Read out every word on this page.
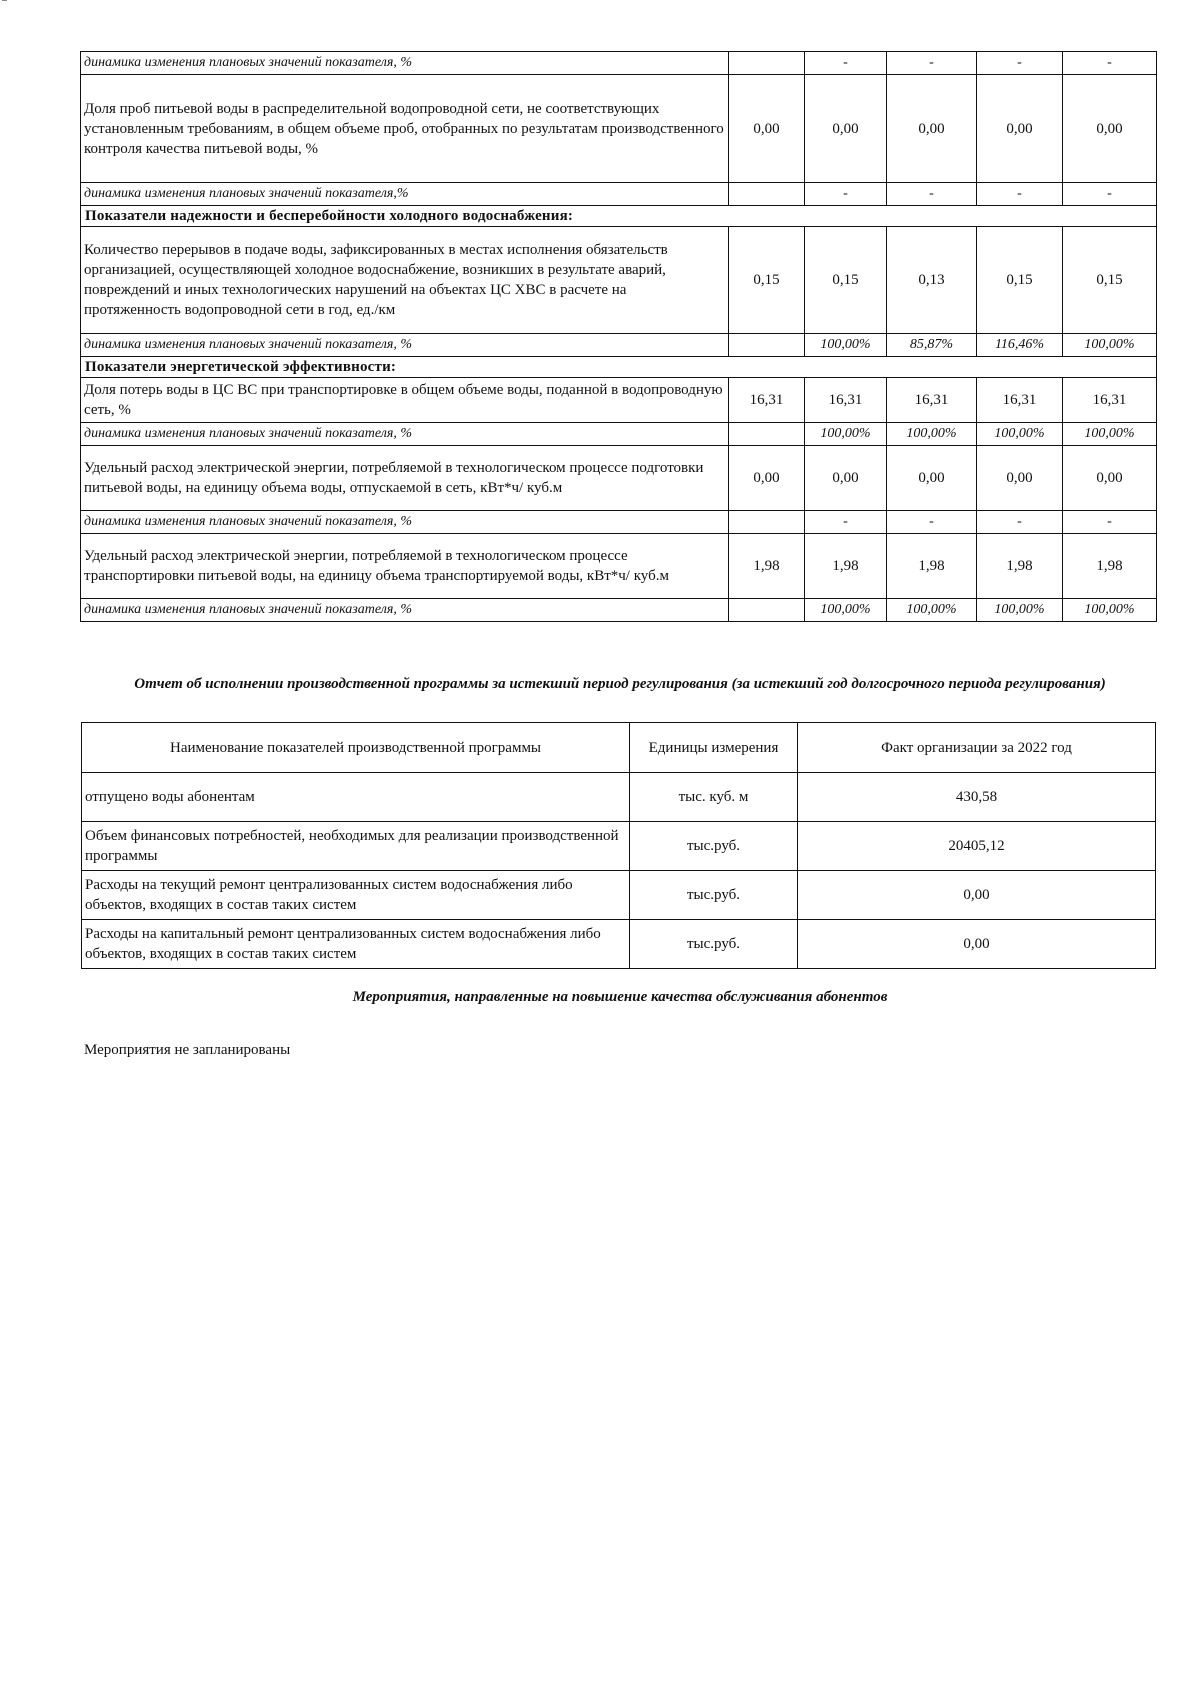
динамика изменения плановых значений показателя, %		-	-	-	-
Доля проб питьевой воды в распределительной водопроводной сети, не соответствующих установленным требованиям, в общем объеме проб, отобранных по результатам производственного контроля качества питьевой воды, %	0,00	0,00	0,00	0,00	0,00
динамика изменения плановых значений показателя,%		-	-	-	-
Показатели надежности и бесперебойности холодного водоснабжения:					
Количество перерывов в подаче воды, зафиксированных в местах исполнения обязательств организацией, осуществляющей холодное водоснабжение, возникших в результате аварий, повреждений и иных технологических нарушений на объектах ЦС ХВС в расчете на протяженность водопроводной сети в год, ед./км	0,15	0,15	0,13	0,15	0,15
динамика изменения плановых значений показателя, %		100,00%	85,87%	116,46%	100,00%
Показатели энергетической эффективности:					
Доля потерь воды в ЦС ВС при транспортировке в общем объеме воды, поданной в водопроводную сеть, %	16,31	16,31	16,31	16,31	16,31
динамика изменения плановых значений показателя, %		100,00%	100,00%	100,00%	100,00%
Удельный расход электрической энергии, потребляемой в технологическом процессе подготовки питьевой воды, на единицу объема воды, отпускаемой в сеть, кВт*ч/ куб.м	0,00	0,00	0,00	0,00	0,00
динамика изменения плановых значений показателя, %		-	-	-	-
Удельный расход электрической энергии, потребляемой в технологическом процессе транспортировки питьевой воды, на единицу объема транспортируемой воды, кВт*ч/ куб.м	1,98	1,98	1,98	1,98	1,98
динамика изменения плановых значений показателя, %		100,00%	100,00%	100,00%	100,00%

Отчет об исполнении производственной программы за истекший период регулирования (за истекший год долгосрочного периода регулирования)

Наименование показателей производственной программы	Единицы измерения	Факт организации за 2022 год
отпущено воды абонентам	тыс. куб. м	430,58
Объем финансовых потребностей, необходимых для реализации производственной программы	тыс.руб.	20405,12
Расходы на текущий ремонт централизованных систем водоснабжения либо объектов, входящих в состав таких систем	тыс.руб.	0,00
Расходы на капитальный ремонт централизованных систем водоснабжения либо объектов, входящих в состав таких систем	тыс.руб.	0,00

Мероприятия, направленные на повышение качества обслуживания абонентов

Мероприятия не запланированы
